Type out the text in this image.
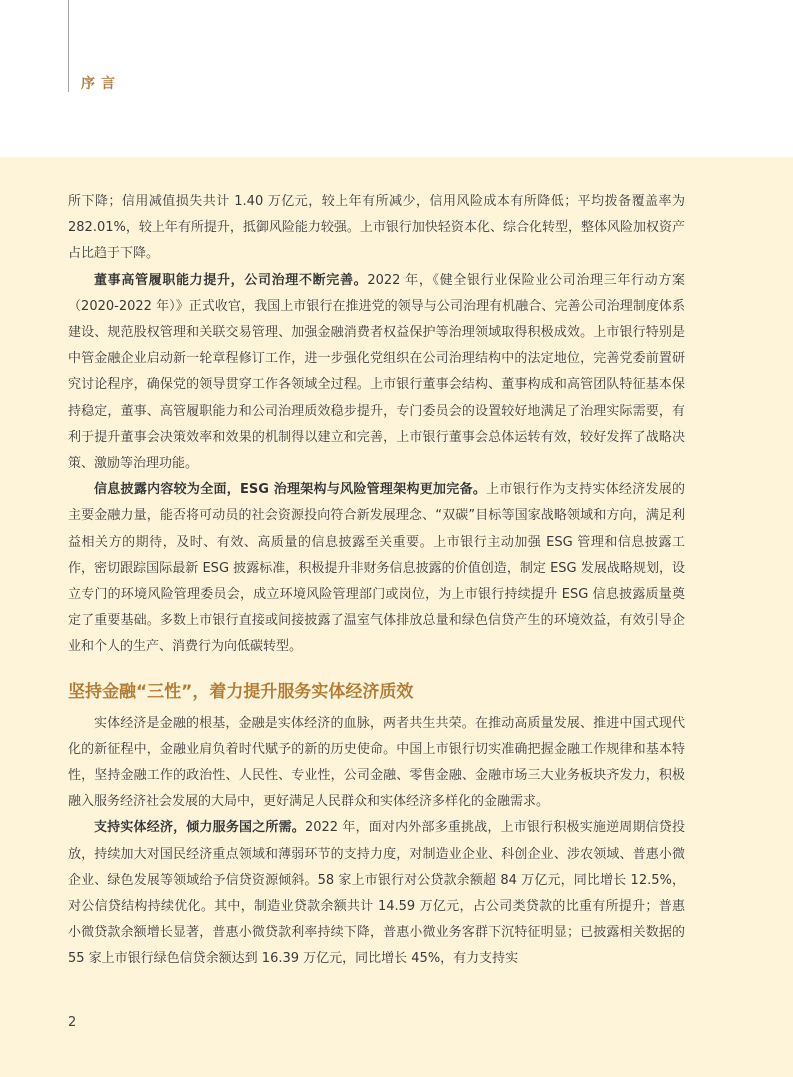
序言

所下降；信用减值损失共计 1.40 万亿元，较上年有所减少，信用风险成本有所降低；平均拨备覆盖率为 282.01%，较上年有所提升，抵御风险能力较强。上市银行加快轻资本化、综合化转型，整体风险加权资产占比趋于下降。

董事高管履职能力提升，公司治理不断完善。2022 年，《健全银行业保险业公司治理三年行动方案（2020-2022 年）》正式收官，我国上市银行在推进党的领导与公司治理有机融合、完善公司治理制度体系建设、规范股权管理和关联交易管理、加强金融消费者权益保护等治理领域取得积极成效。上市银行特别是中管金融企业启动新一轮章程修订工作，进一步强化党组织在公司治理结构中的法定地位，完善党委前置研究讨论程序，确保党的领导贯穿工作各领域全过程。上市银行董事会结构、董事构成和高管团队特征基本保持稳定，董事、高管履职能力和公司治理质效稳步提升，专门委员会的设置较好地满足了治理实际需要，有利于提升董事会决策效率和效果的机制得以建立和完善，上市银行董事会总体运转有效，较好发挥了战略决策、激励等治理功能。

信息披露内容较为全面，ESG 治理架构与风险管理架构更加完备。上市银行作为支持实体经济发展的主要金融力量，能否将可动员的社会资源投向符合新发展理念、“双碳”目标等国家战略领域和方向，满足利益相关方的期待，及时、有效、高质量的信息披露至关重要。上市银行主动加强 ESG 管理和信息披露工作，密切跟踪国际最新 ESG 披露标准，积极提升非财务信息披露的价值创造，制定 ESG 发展战略规划，设立专门的环境风险管理委员会，成立环境风险管理部门或岗位，为上市银行持续提升 ESG 信息披露质量奠定了重要基础。多数上市银行直接或间接披露了温室气体排放总量和绿色信贷产生的环境效益，有效引导企业和个人的生产、消费行为向低碳转型。

坚持金融“三性”，着力提升服务实体经济质效

实体经济是金融的根基，金融是实体经济的血脉，两者共生共荣。在推动高质量发展、推进中国式现代化的新征程中，金融业肩负着时代赋予的新的历史使命。中国上市银行切实准确把握金融工作规律和基本特性，坚持金融工作的政治性、人民性、专业性，公司金融、零售金融、金融市场三大业务板块齐发力，积极融入服务经济社会发展的大局中，更好满足人民群众和实体经济多样化的金融需求。

支持实体经济，倾力服务国之所需。2022 年，面对内外部多重挑战，上市银行积极实施逆周期信贷投放，持续加大对国民经济重点领域和薄弱环节的支持力度，对制造业企业、科创企业、涉农领域、普惠小微企业、绿色发展等领域给予信贷资源倾斜。58 家上市银行对公贷款余额超 84 万亿元，同比增长 12.5%，对公信贷结构持续优化。其中，制造业贷款余额共计 14.59 万亿元，占公司类贷款的比重有所提升；普惠小微贷款余额增长显著，普惠小微贷款利率持续下降，普惠小微业务客群下沉特征明显；已披露相关数据的 55 家上市银行绿色信贷余额达到 16.39 万亿元，同比增长 45%，有力支持实

2
